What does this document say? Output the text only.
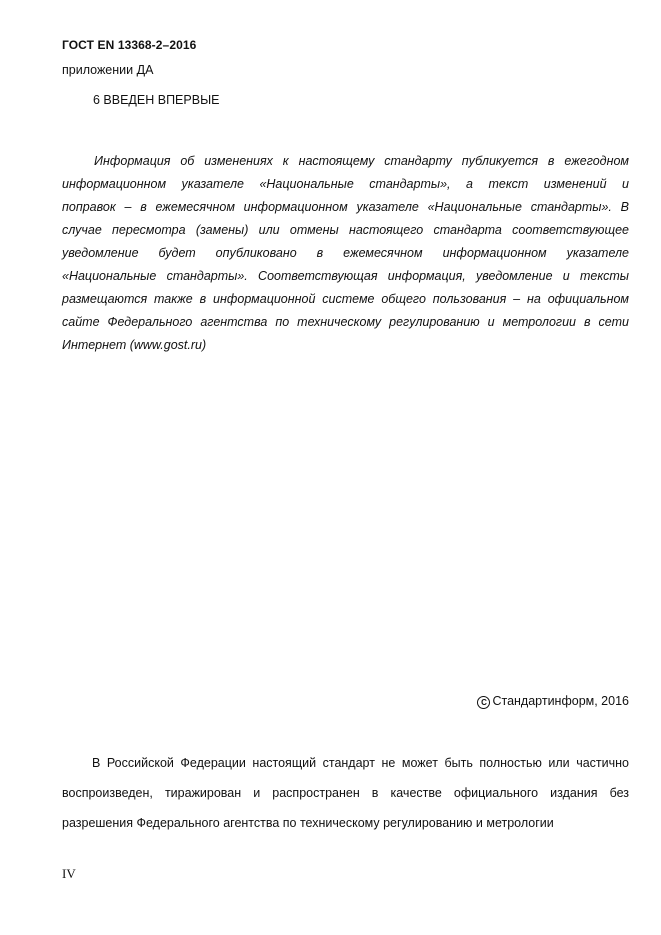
ГОСТ EN 13368-2–2016
приложении ДА
6 ВВЕДЕН ВПЕРВЫЕ
Информация об изменениях к настоящему стандарту публикуется в ежегодном
информационном указателе «Национальные стандарты», а текст изменений и
поправок – в ежемесячном информационном указателе «Национальные стандарты». В
случае пересмотра (замены) или отмены настоящего стандарта соответствующее
уведомление будет опубликовано в ежемесячном информационном указателе
«Национальные стандарты». Соответствующая информация, уведомление и тексты
размещаются также в информационной системе общего пользования – на официальном
сайте Федерального агентства по техническому регулированию и метрологии в сети
Интернет (www.gost.ru)
C Стандартинформ, 2016
В Российской Федерации настоящий стандарт не может быть полностью или частично
воспроизведен, тиражирован и распространен в качестве официального издания без
разрешения Федерального агентства по техническому регулированию и метрологии
IV
